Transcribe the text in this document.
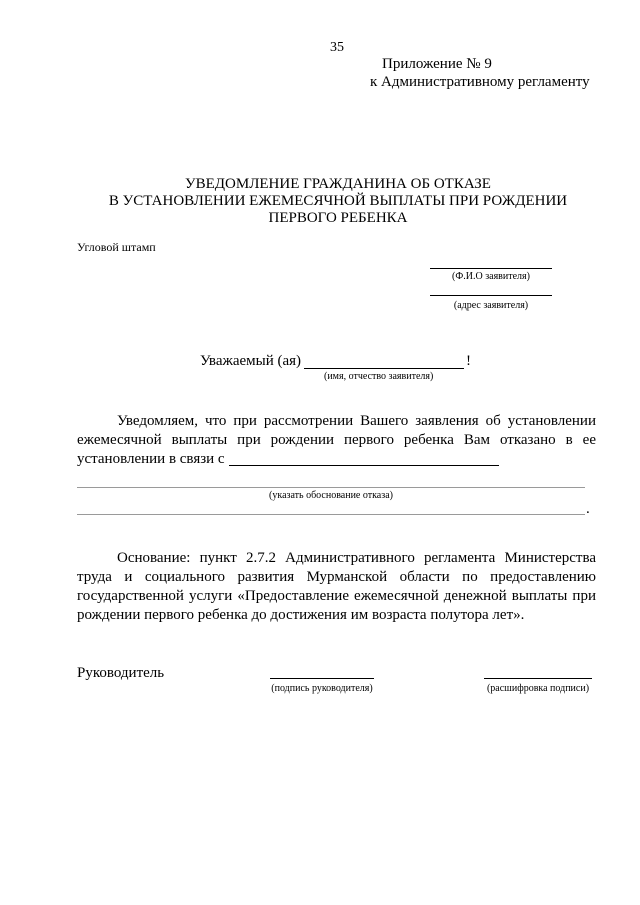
35
Приложение № 9
к Административному регламенту
УВЕДОМЛЕНИЕ ГРАЖДАНИНА ОБ ОТКАЗЕ
В УСТАНОВЛЕНИИ ЕЖЕМЕСЯЧНОЙ ВЫПЛАТЫ ПРИ РОЖДЕНИИ
ПЕРВОГО РЕБЕНКА
Угловой штамп
(Ф.И.О заявителя)
(адрес заявителя)
Уважаемый (ая)	!
(имя, отчество заявителя)
Уведомляем, что при рассмотрении Вашего заявления об установлении
ежемесячной выплаты при рождении первого ребенка Вам отказано в ее
установлении в связи с
(указать обоснование отказа)
.
Основание: пункт 2.7.2 Административного регламента Министерства
труда и социального развития Мурманской области по предоставлению
государственной услуги «Предоставление ежемесячной денежной выплаты при
рождении первого ребенка до достижения им возраста полутора лет».
Руководитель
(подпись руководителя)	(расшифровка подписи)
